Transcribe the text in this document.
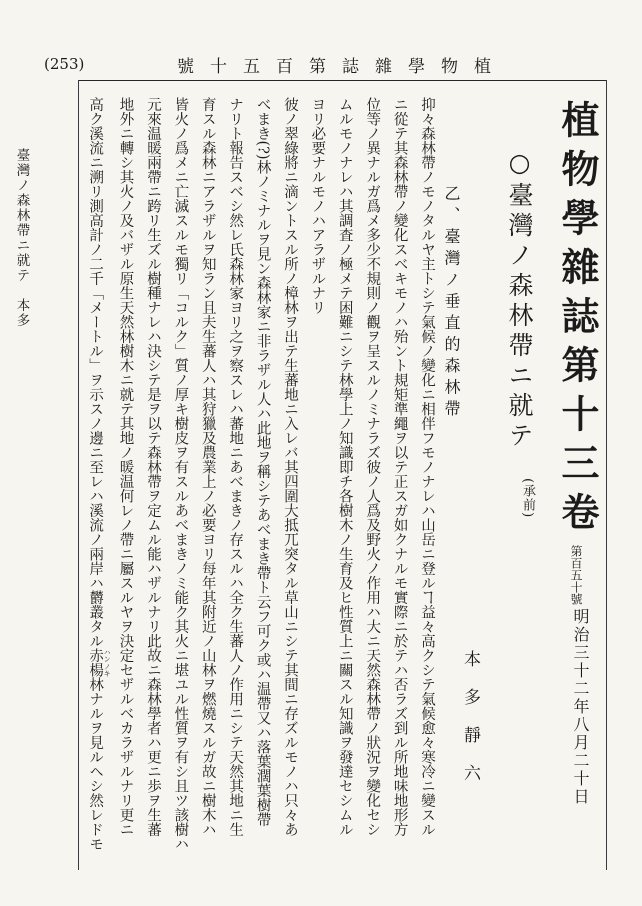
(253)	植物學雜誌第百五十號
臺灣ノ森林帶ニ就テ　本多	植物學雜誌第十三卷
第百五十號
明治三十二年八月二十日
○臺灣ノ森林帶ニ就テ
(承前)
本多靜六
乙、臺灣ノ垂直的森林帶
抑々森林帶ノモノタルヤ主トシテ氣候ノ變化ニ相伴フモノナレハ山岳ニ登ルヿ益々高クシテ氣候愈々寒冷ニ變スル
ニ從テ其森林帶ノ變化スベキモノハ殆ント規矩準繩ヲ以テ正スガ如クナルモ實際ニ於テハ否ラズ到ル所地味地形方
位等ノ異ナルガ爲メ多少不規則ノ觀ヲ呈スルノミナラズ彼ノ人爲及野火ノ作用ハ大ニ天然森林帶ノ狀況ヲ變化セシ
ムルモノナレハ其調査ノ極メテ困難ニシテ林學上ノ知識即チ各樹木ノ生育及ヒ性質上ニ關スル知識ヲ發達セシムル
ヨリ必要ナルモノハアラザルナリ
彼ノ翠綠將ニ滴ントスル所ノ樟林ヲ出テ生蕃地ニ入レバ其四圍大抵兀突タル草山ニシテ其間ニ存ズルモノハ只々あ
べまき(?)林ノミナルヲ見ン森林家ニ非ラザル人ハ此地ヲ稱シテあべまき帶ト云フ可ク或ハ温帶又ハ落葉濶葉樹帶
ナリト報告スベシ然レ氏森林家ヨリ之ヲ察スレハ蕃地ニあべまきノ存スルハ全ク生蕃人ノ作用ニシテ天然其地ニ生
育スル森林ニアラザルヲ知ラン且夫生蕃人ハ其狩獵及農業上ノ必要ヨリ每年其附近ノ山林ヲ燃燒スルガ故ニ樹木ハ
皆火ノ爲メニ亡滅スルモ獨リ「コルク」質ノ厚キ樹皮ヲ有スルあべまきノミ能ク其火ニ堪ユル性質ヲ有シ且ツ該樹ハ
元來温暖兩帶ニ跨リ生ズル樹種ナレハ決シテ是ヲ以テ森林帶ヲ定ムル能ハザルナリ此故ニ森林學者ハ更ニ歩ヲ生蕃
地外ニ轉シ其火ノ及バザル原生天然林樹木ニ就テ其地ノ暖温何レノ帶ニ屬スルヤヲ決定セザルベカラザルナリ更ニ
高ク溪流ニ溯リ測高計ノ二千「メートル」ヲ示スノ邊ニ至レハ溪流ノ兩岸ハ欝叢タル赤楊 ハンノキ林ナルヲ見ルヘシ然レドモ
